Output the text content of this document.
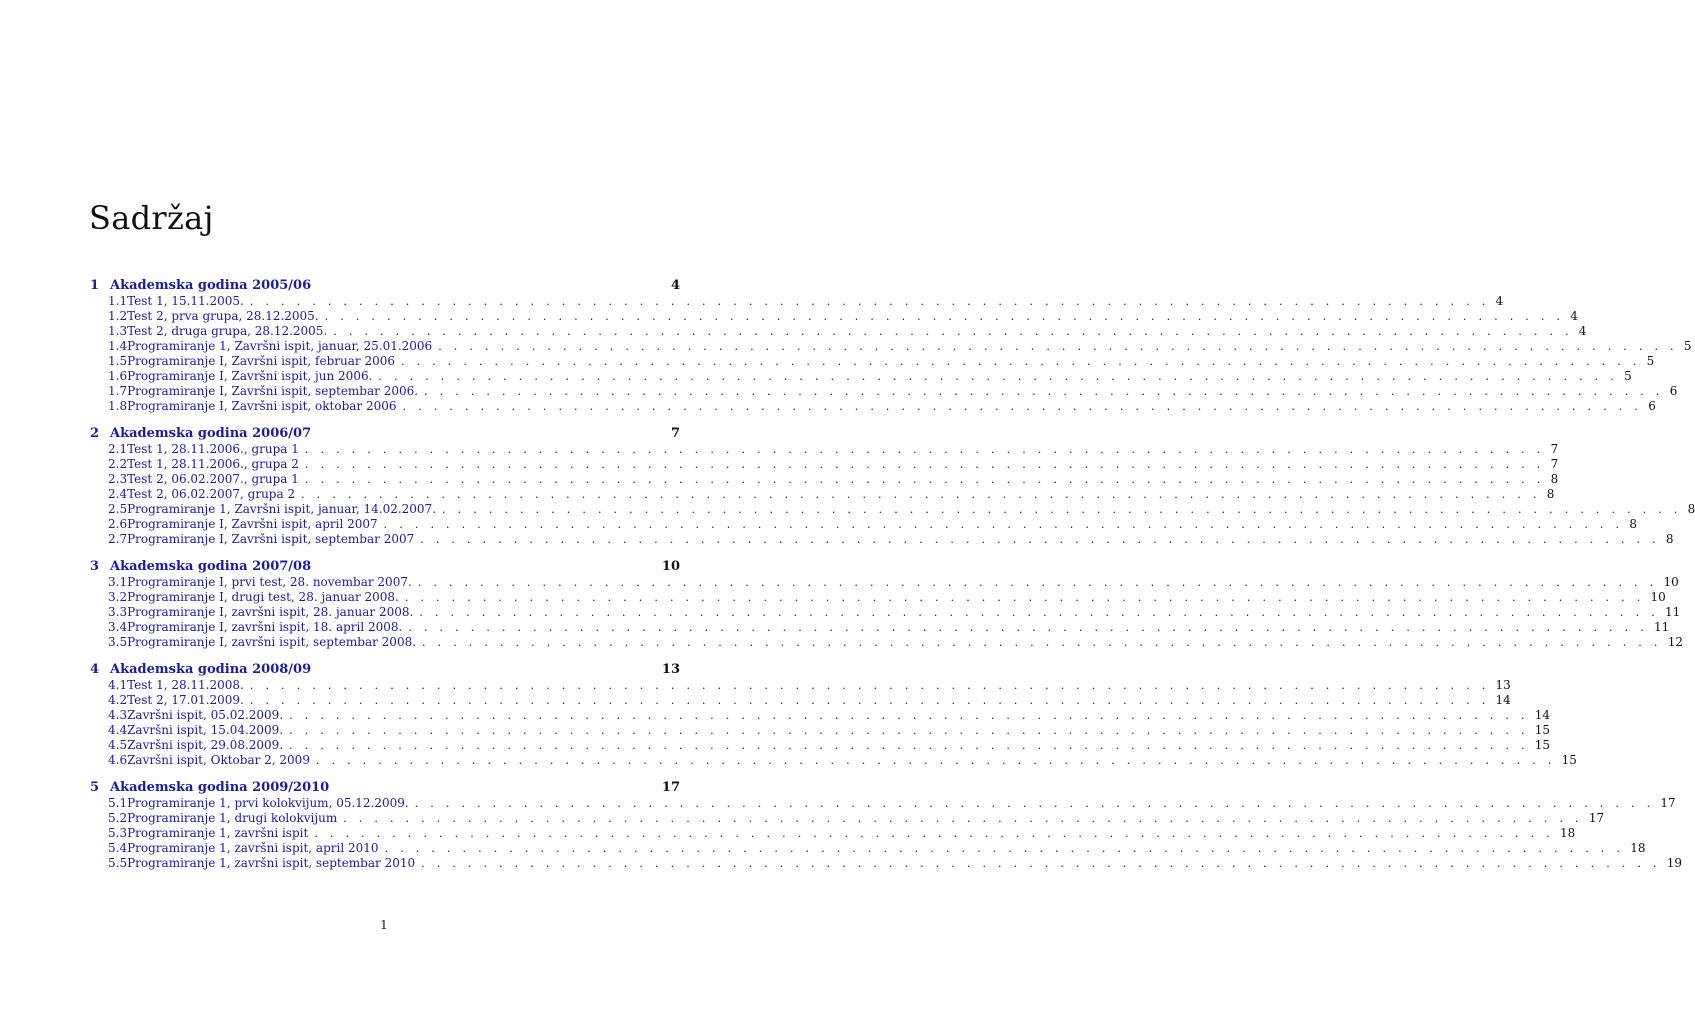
Sadržaj
1 Akademska godina 2005/06	4
1.1 Test 1, 15.11.2005. . . . . . . . . . . . . . . . . . . . . . . . . . . . . . . . . . . . . . . . . . . . . . . . . . . . . . . . . . . . . . . . . . . . . . . . . . . . . . . . . 4
1.2 Test 2, prva grupa, 28.12.2005. . . . . . . . . . . . . . . . . . . . . . . . . . . . . . . . . . . . . . . . . . . . . . . . . . . . . . . . . . . . . . . . . . . . . . . . . . . . . . . . . 4
1.3 Test 2, druga grupa, 28.12.2005. . . . . . . . . . . . . . . . . . . . . . . . . . . . . . . . . . . . . . . . . . . . . . . . . . . . . . . . . . . . . . . . . . . . . . . . . . . . . . . . . 4
1.4 Programiranje 1, Završni ispit, januar, 25.01.2006 . . . . . . . . . . . . . . . . . . . . . . . . . . . . . . . . . . . . . . . . . . . . . . . . . . . . . . . . . . . . . . . . . . . . . . . . . . . . . . . . 5
1.5 Programiranje I, Završni ispit, februar 2006 . . . . . . . . . . . . . . . . . . . . . . . . . . . . . . . . . . . . . . . . . . . . . . . . . . . . . . . . . . . . . . . . . . . . . . . . . . . . . . . . 5
1.6 Programiranje I, Završni ispit, jun 2006. . . . . . . . . . . . . . . . . . . . . . . . . . . . . . . . . . . . . . . . . . . . . . . . . . . . . . . . . . . . . . . . . . . . . . . . . . . . . . . . . 5
1.7 Programiranje I, Završni ispit, septembar 2006. . . . . . . . . . . . . . . . . . . . . . . . . . . . . . . . . . . . . . . . . . . . . . . . . . . . . . . . . . . . . . . . . . . . . . . . . . . . . . . . . 6
1.8 Programiranje I, Završni ispit, oktobar 2006 . . . . . . . . . . . . . . . . . . . . . . . . . . . . . . . . . . . . . . . . . . . . . . . . . . . . . . . . . . . . . . . . . . . . . . . . . . . . . . . . 6
2 Akademska godina 2006/07	7
2.1 Test 1, 28.11.2006., grupa 1 . . . . . . . . . . . . . . . . . . . . . . . . . . . . . . . . . . . . . . . . . . . . . . . . . . . . . . . . . . . . . . . . . . . . . . . . . . . . . . . . 7
2.2 Test 1, 28.11.2006., grupa 2 . . . . . . . . . . . . . . . . . . . . . . . . . . . . . . . . . . . . . . . . . . . . . . . . . . . . . . . . . . . . . . . . . . . . . . . . . . . . . . . . 7
2.3 Test 2, 06.02.2007., grupa 1 . . . . . . . . . . . . . . . . . . . . . . . . . . . . . . . . . . . . . . . . . . . . . . . . . . . . . . . . . . . . . . . . . . . . . . . . . . . . . . . . 8
2.4 Test 2, 06.02.2007, grupa 2 . . . . . . . . . . . . . . . . . . . . . . . . . . . . . . . . . . . . . . . . . . . . . . . . . . . . . . . . . . . . . . . . . . . . . . . . . . . . . . . . 8
2.5 Programiranje 1, Završni ispit, januar, 14.02.2007. . . . . . . . . . . . . . . . . . . . . . . . . . . . . . . . . . . . . . . . . . . . . . . . . . . . . . . . . . . . . . . . . . . . . . . . . . . . . . . . . 8
2.6 Programiranje I, Završni ispit, april 2007 . . . . . . . . . . . . . . . . . . . . . . . . . . . . . . . . . . . . . . . . . . . . . . . . . . . . . . . . . . . . . . . . . . . . . . . . . . . . . . . . 8
2.7 Programiranje I, Završni ispit, septembar 2007 . . . . . . . . . . . . . . . . . . . . . . . . . . . . . . . . . . . . . . . . . . . . . . . . . . . . . . . . . . . . . . . . . . . . . . . . . . . . . . . . 8
3 Akademska godina 2007/08	10
3.1 Programiranje I, prvi test, 28. novembar 2007. . . . . . . . . . . . . . . . . . . . . . . . . . . . . . . . . . . . . . . . . . . . . . . . . . . . . . . . . . . . . . . . . . . . . . . . . . . . . . . . . 10
3.2 Programiranje I, drugi test, 28. januar 2008. . . . . . . . . . . . . . . . . . . . . . . . . . . . . . . . . . . . . . . . . . . . . . . . . . . . . . . . . . . . . . . . . . . . . . . . . . . . . . . . . 10
3.3 Programiranje I, završni ispit, 28. januar 2008. . . . . . . . . . . . . . . . . . . . . . . . . . . . . . . . . . . . . . . . . . . . . . . . . . . . . . . . . . . . . . . . . . . . . . . . . . . . . . . . . 11
3.4 Programiranje I, završni ispit, 18. april 2008. . . . . . . . . . . . . . . . . . . . . . . . . . . . . . . . . . . . . . . . . . . . . . . . . . . . . . . . . . . . . . . . . . . . . . . . . . . . . . . . . 11
3.5 Programiranje I, završni ispit, septembar 2008. . . . . . . . . . . . . . . . . . . . . . . . . . . . . . . . . . . . . . . . . . . . . . . . . . . . . . . . . . . . . . . . . . . . . . . . . . . . . . . . . 12
4 Akademska godina 2008/09	13
4.1 Test 1, 28.11.2008. . . . . . . . . . . . . . . . . . . . . . . . . . . . . . . . . . . . . . . . . . . . . . . . . . . . . . . . . . . . . . . . . . . . . . . . . . . . . . . . . 13
4.2 Test 2, 17.01.2009. . . . . . . . . . . . . . . . . . . . . . . . . . . . . . . . . . . . . . . . . . . . . . . . . . . . . . . . . . . . . . . . . . . . . . . . . . . . . . . . . 14
4.3 Završni ispit, 05.02.2009. . . . . . . . . . . . . . . . . . . . . . . . . . . . . . . . . . . . . . . . . . . . . . . . . . . . . . . . . . . . . . . . . . . . . . . . . . . . . . . . . 14
4.4 Završni ispit, 15.04.2009. . . . . . . . . . . . . . . . . . . . . . . . . . . . . . . . . . . . . . . . . . . . . . . . . . . . . . . . . . . . . . . . . . . . . . . . . . . . . . . . . 15
4.5 Završni ispit, 29.08.2009. . . . . . . . . . . . . . . . . . . . . . . . . . . . . . . . . . . . . . . . . . . . . . . . . . . . . . . . . . . . . . . . . . . . . . . . . . . . . . . . . 15
4.6 Završni ispit, Oktobar 2, 2009 . . . . . . . . . . . . . . . . . . . . . . . . . . . . . . . . . . . . . . . . . . . . . . . . . . . . . . . . . . . . . . . . . . . . . . . . . . . . . . . . 15
5 Akademska godina 2009/2010	17
5.1 Programiranje 1, prvi kolokvijum, 05.12.2009. . . . . . . . . . . . . . . . . . . . . . . . . . . . . . . . . . . . . . . . . . . . . . . . . . . . . . . . . . . . . . . . . . . . . . . . . . . . . . . . . 17
5.2 Programiranje 1, drugi kolokvijum . . . . . . . . . . . . . . . . . . . . . . . . . . . . . . . . . . . . . . . . . . . . . . . . . . . . . . . . . . . . . . . . . . . . . . . . . . . . . . . . 17
5.3 Programiranje 1, završni ispit . . . . . . . . . . . . . . . . . . . . . . . . . . . . . . . . . . . . . . . . . . . . . . . . . . . . . . . . . . . . . . . . . . . . . . . . . . . . . . . . 18
5.4 Programiranje 1, završni ispit, april 2010 . . . . . . . . . . . . . . . . . . . . . . . . . . . . . . . . . . . . . . . . . . . . . . . . . . . . . . . . . . . . . . . . . . . . . . . . . . . . . . . . 18
5.5 Programiranje 1, završni ispit, septembar 2010 . . . . . . . . . . . . . . . . . . . . . . . . . . . . . . . . . . . . . . . . . . . . . . . . . . . . . . . . . . . . . . . . . . . . . . . . . . . . . . . . 19
1
